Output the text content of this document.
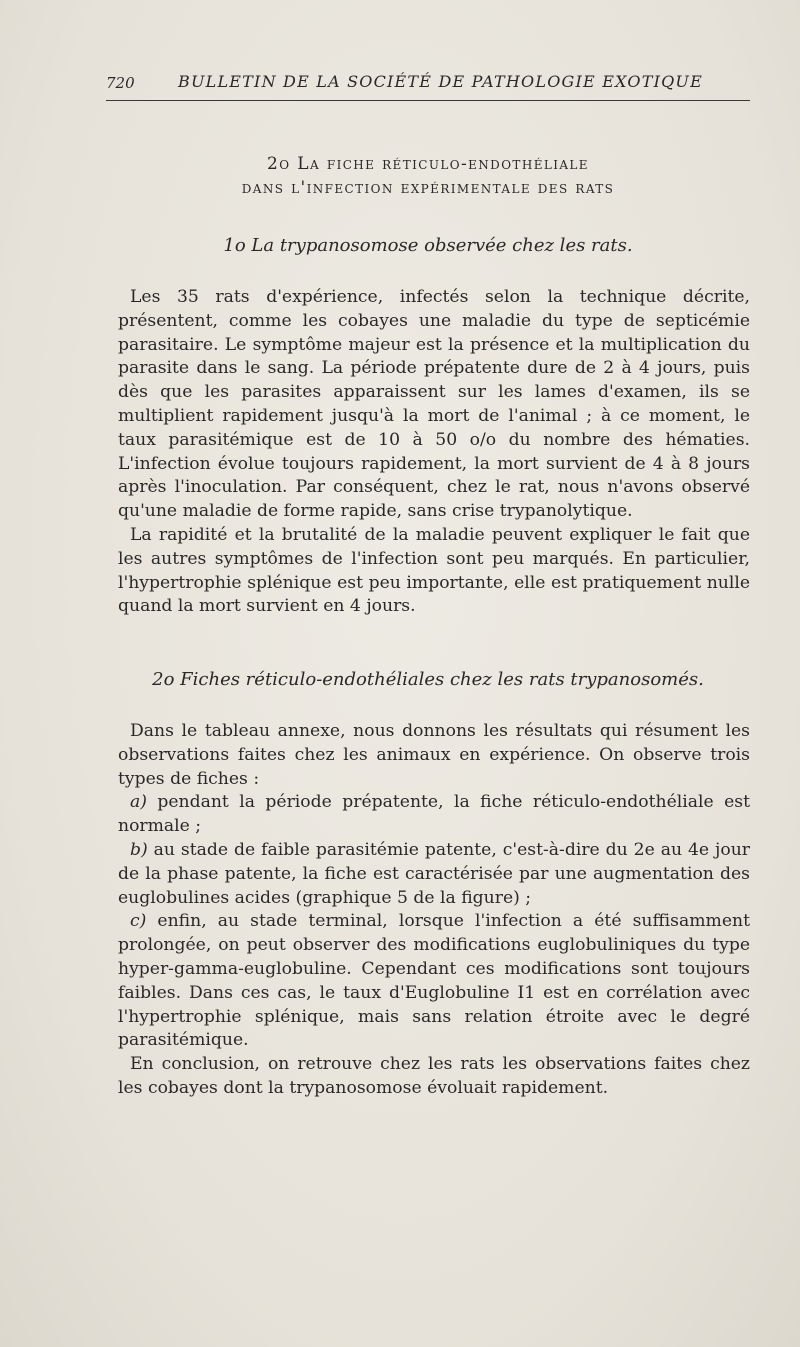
720	BULLETIN DE LA SOCIÉTÉ DE PATHOLOGIE EXOTIQUE
2o La fiche réticulo-endothéliale
dans l'infection expérimentale des rats
1o La trypanosomose observée chez les rats.

Les 35 rats d'expérience, infectés selon la technique décrite, présentent, comme les cobayes une maladie du type de septicémie parasitaire. Le symptôme majeur est la présence et la multiplication du parasite dans le sang. La période prépatente dure de 2 à 4 jours, puis dès que les parasites apparaissent sur les lames d'examen, ils se multiplient rapidement jusqu'à la mort de l'animal ; à ce moment, le taux parasitémique est de 10 à 50 o/o du nombre des hématies. L'infection évolue toujours rapidement, la mort survient de 4 à 8 jours après l'inoculation. Par conséquent, chez le rat, nous n'avons observé qu'une maladie de forme rapide, sans crise trypanolytique.

La rapidité et la brutalité de la maladie peuvent expliquer le fait que les autres symptômes de l'infection sont peu marqués. En particulier, l'hypertrophie splénique est peu importante, elle est pratiquement nulle quand la mort survient en 4 jours.

2o Fiches réticulo-endothéliales chez les rats trypanosomés.

Dans le tableau annexe, nous donnons les résultats qui résument les observations faites chez les animaux en expérience. On observe trois types de fiches :

a) pendant la période prépatente, la fiche réticulo-endothéliale est normale ;

b) au stade de faible parasitémie patente, c'est-à-dire du 2e au 4e jour de la phase patente, la fiche est caractérisée par une augmentation des euglobulines acides (graphique 5 de la figure) ;

c) enfin, au stade terminal, lorsque l'infection a été suffisamment prolongée, on peut observer des modifications euglobuliniques du type hyper-gamma-euglobuline. Cependant ces modifications sont toujours faibles. Dans ces cas, le taux d'Euglobuline I1 est en corrélation avec l'hypertrophie splénique, mais sans relation étroite avec le degré parasitémique.

En conclusion, on retrouve chez les rats les observations faites chez les cobayes dont la trypanosomose évoluait rapidement.
